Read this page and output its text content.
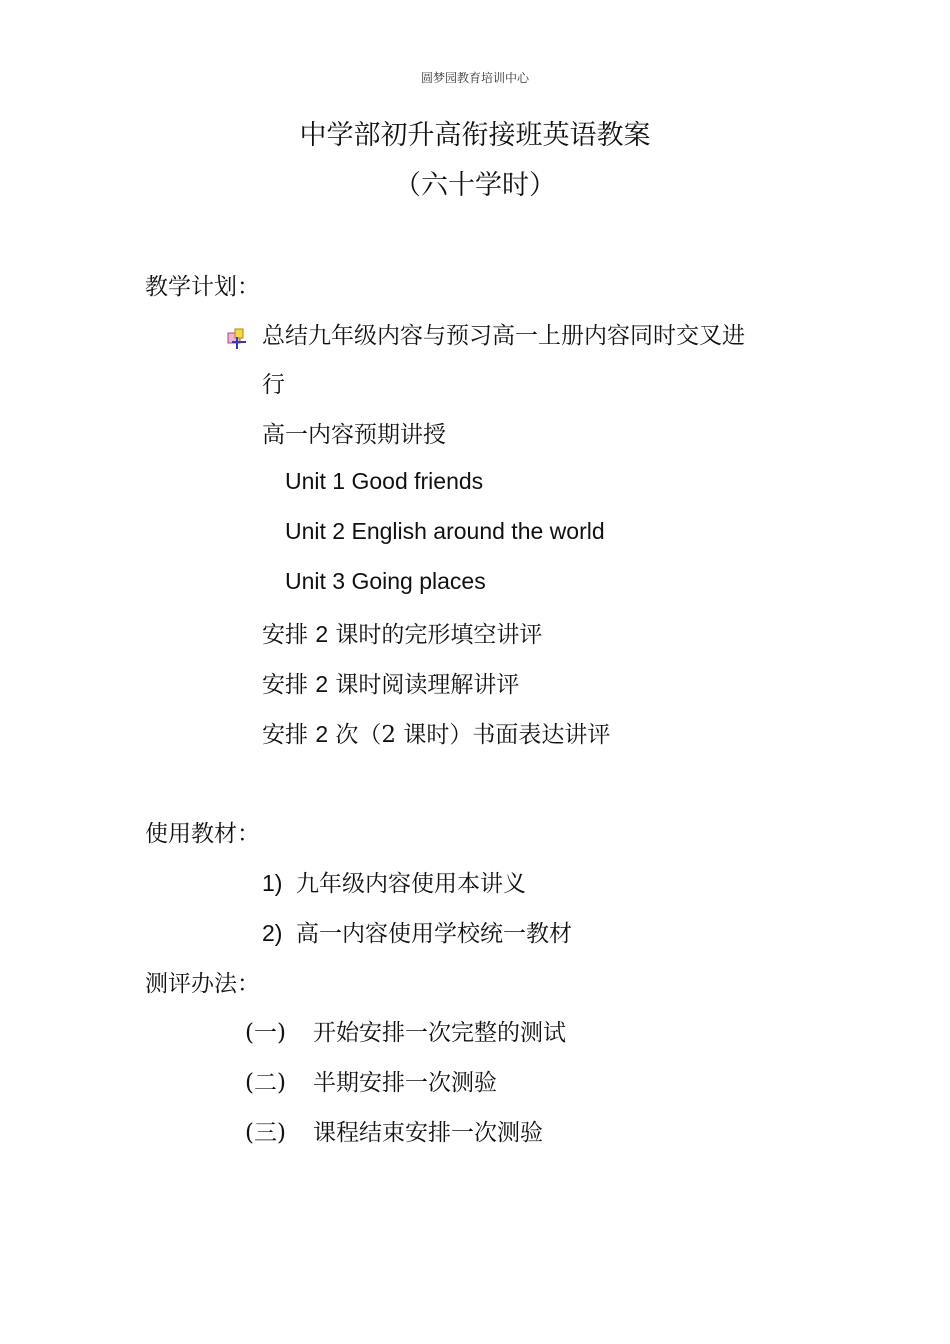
圆梦园教育培训中心
中学部初升高衔接班英语教案
（六十学时）
教学计划：
总结九年级内容与预习高一上册内容同时交叉进
行
高一内容预期讲授
Unit 1 Good friends
Unit 2 English around the world
Unit 3 Going places
安排 2 课时的完形填空讲评
安排 2 课时阅读理解讲评
安排 2 次（2 课时）书面表达讲评
使用教材：
1) 九年级内容使用本讲义
2) 高一内容使用学校统一教材
测评办法：
(一) 开始安排一次完整的测试
(二) 半期安排一次测验
(三) 课程结束安排一次测验
